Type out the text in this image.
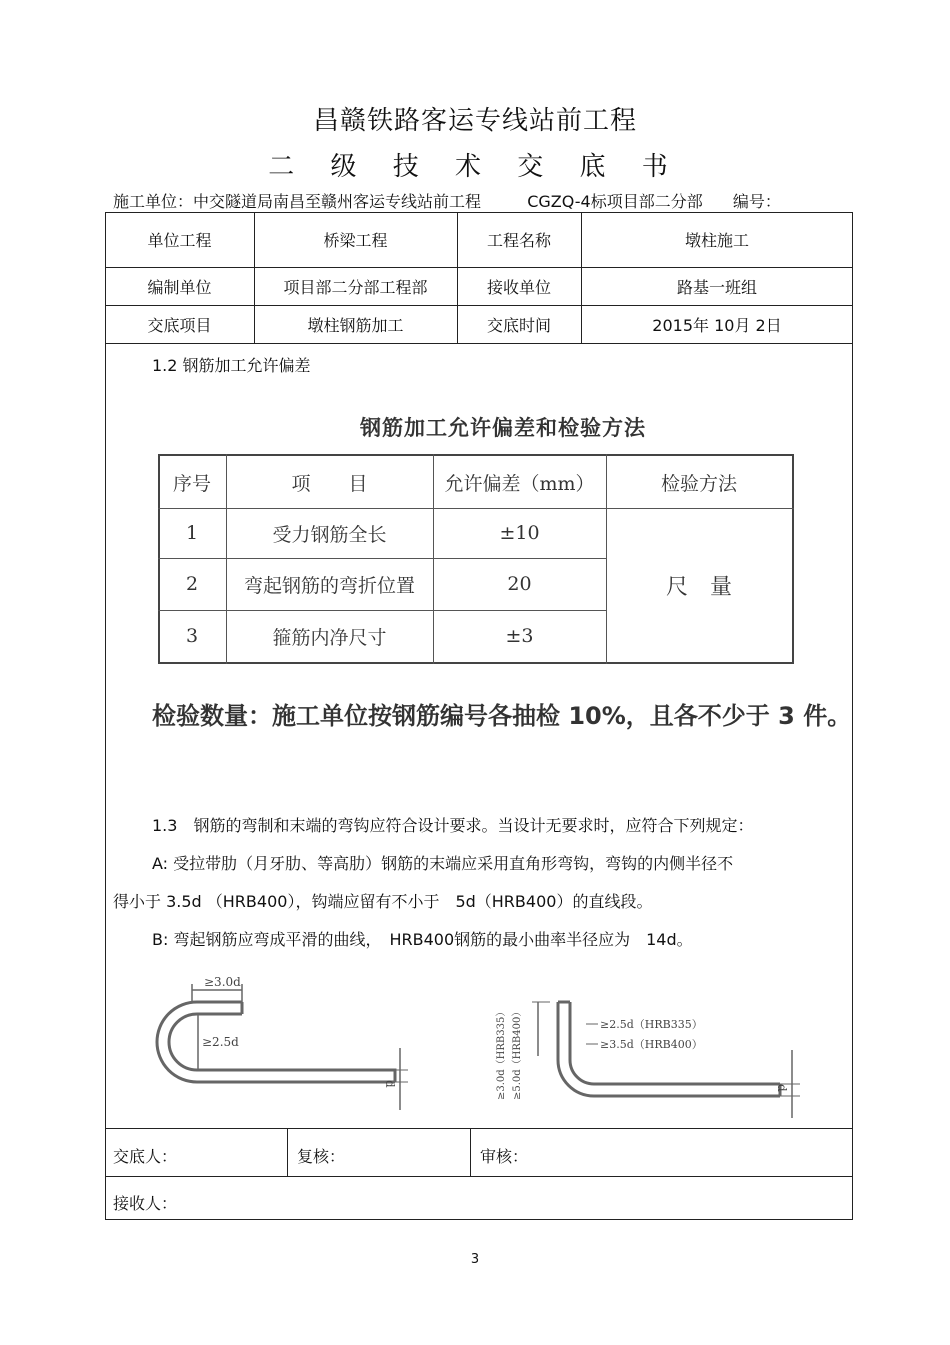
昌赣铁路客运专线站前工程
二 级 技 术 交 底 书
施工单位：中交隧道局南昌至赣州客运专线站前工程	CGZQ-4标项目部二分部 编号：
单位工程	桥梁工程	工程名称	墩柱施工
编制单位	项目部二分部工程部	接收单位	路基一班组
交底项目	墩柱钢筋加工	交底时间	2015年 10月 2日
1.2 钢筋加工允许偏差
钢筋加工允许偏差和检验方法
序号	项　　目	允许偏差（mm）	检验方法
1	受力钢筋全长	±10
2	弯起钢筋的弯折位置	20
3	箍筋内净尺寸	±3
尺　量
检验数量：施工单位按钢筋编号各抽检 10%，且各不少于 3 件。
1.3　钢筋的弯制和末端的弯钩应符合设计要求。当设计无要求时，应符合下列规定：
A: 受拉带肋（月牙肋、等高肋）钢筋的末端应采用直角形弯钩，弯钩的内侧半径不
得小于 3.5d （HRB400），钩端应留有不小于　5d（HRB400）的直线段。
B: 弯起钢筋应弯成平滑的曲线，　HRB400钢筋的最小曲率半径应为　14d。
≥3.0d
≥2.5d
d	≥3.0d（HRB335） ≥5.0d（HRB400）	≥2.5d（HRB335）
≥3.5d（HRB400）
d
交底人：	复核：	审核：
接收人：
3
